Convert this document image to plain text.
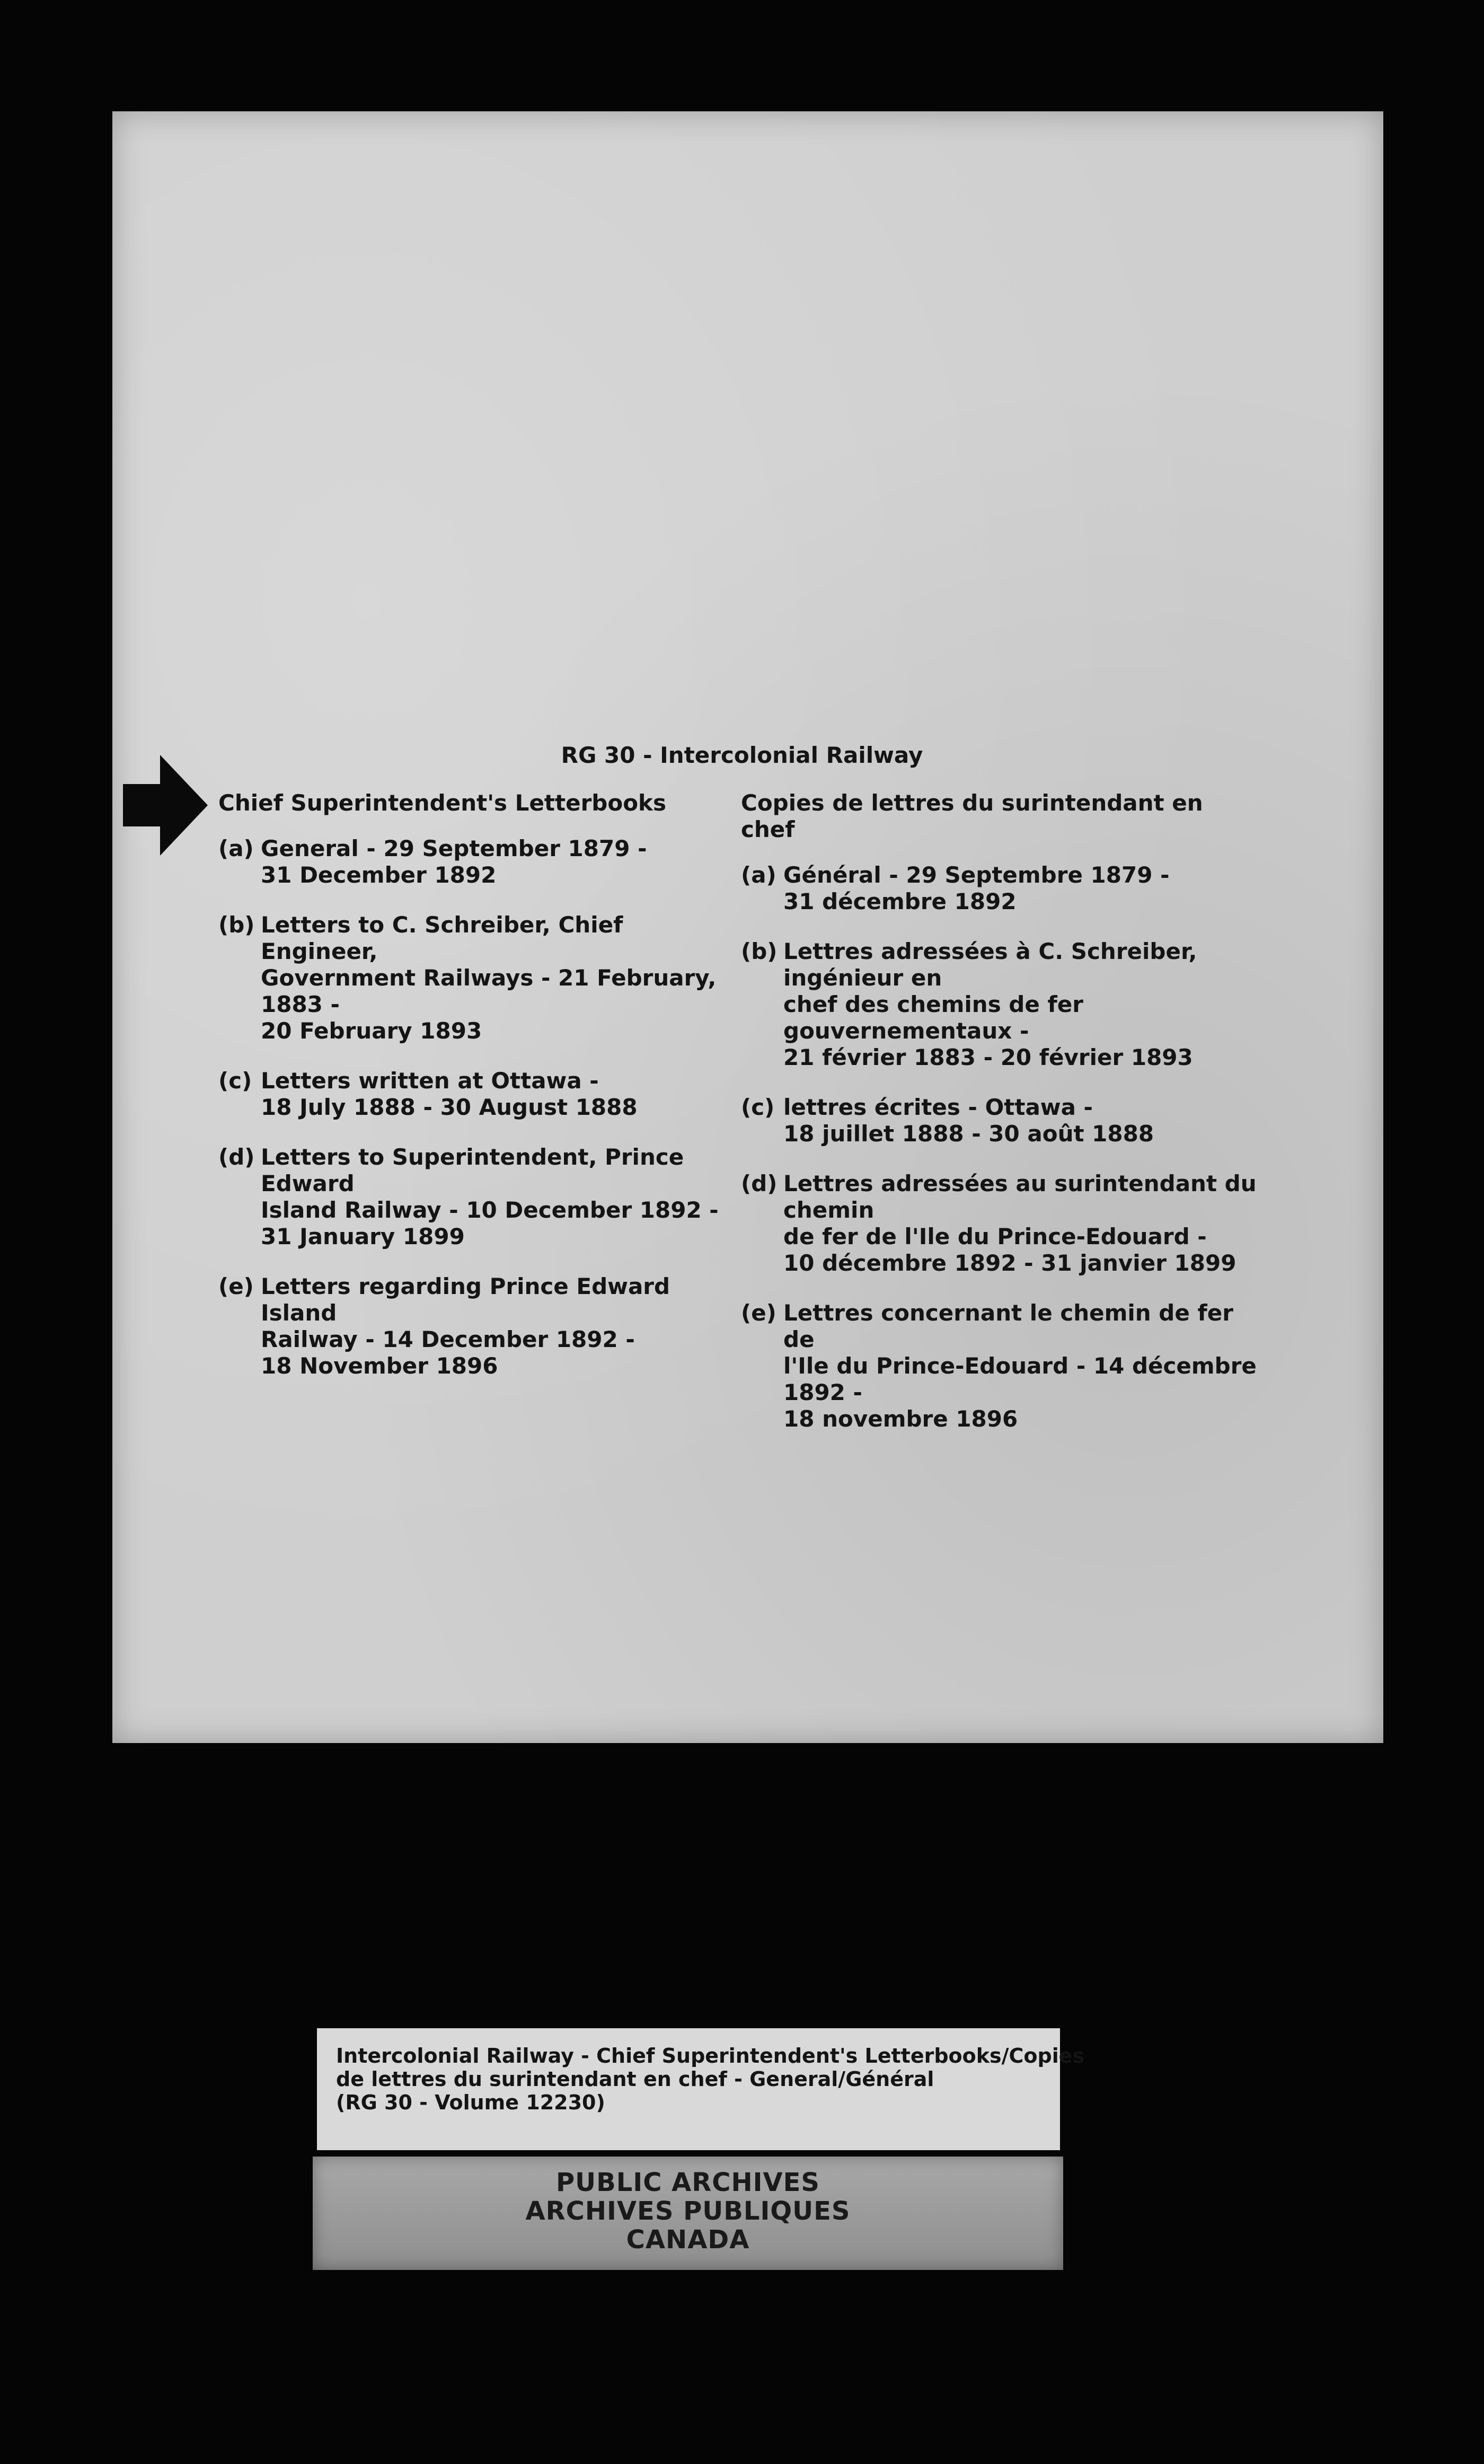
RG 30 - Intercolonial Railway
Chief Superintendent's Letterbooks
(a) General - 29 September 1879 -
31 December 1892
(b) Letters to C. Schreiber, Chief Engineer,
Government Railways - 21 February, 1883 -
20 February 1893
(c) Letters written at Ottawa -
18 July 1888 - 30 August 1888
(d) Letters to Superintendent, Prince Edward
Island Railway - 10 December 1892 -
31 January 1899
(e) Letters regarding Prince Edward Island
Railway - 14 December 1892 -
18 November 1896
Copies de lettres du surintendant en chef
(a) Général - 29 Septembre 1879 -
31 décembre 1892
(b) Lettres adressées à C. Schreiber, ingénieur en
chef des chemins de fer gouvernementaux -
21 février 1883 - 20 février 1893
(c) lettres écrites - Ottawa -
18 juillet 1888 - 30 août 1888
(d) Lettres adressées au surintendant du chemin
de fer de l'Ile du Prince-Edouard -
10 décembre 1892 - 31 janvier 1899
(e) Lettres concernant le chemin de fer de
l'Ile du Prince-Edouard - 14 décembre 1892 -
18 novembre 1896
Intercolonial Railway - Chief Superintendent's Letterbooks/Copies
de lettres du surintendant en chef - General/Général
(RG 30 - Volume 12230)
PUBLIC ARCHIVES
ARCHIVES PUBLIQUES
CANADA
